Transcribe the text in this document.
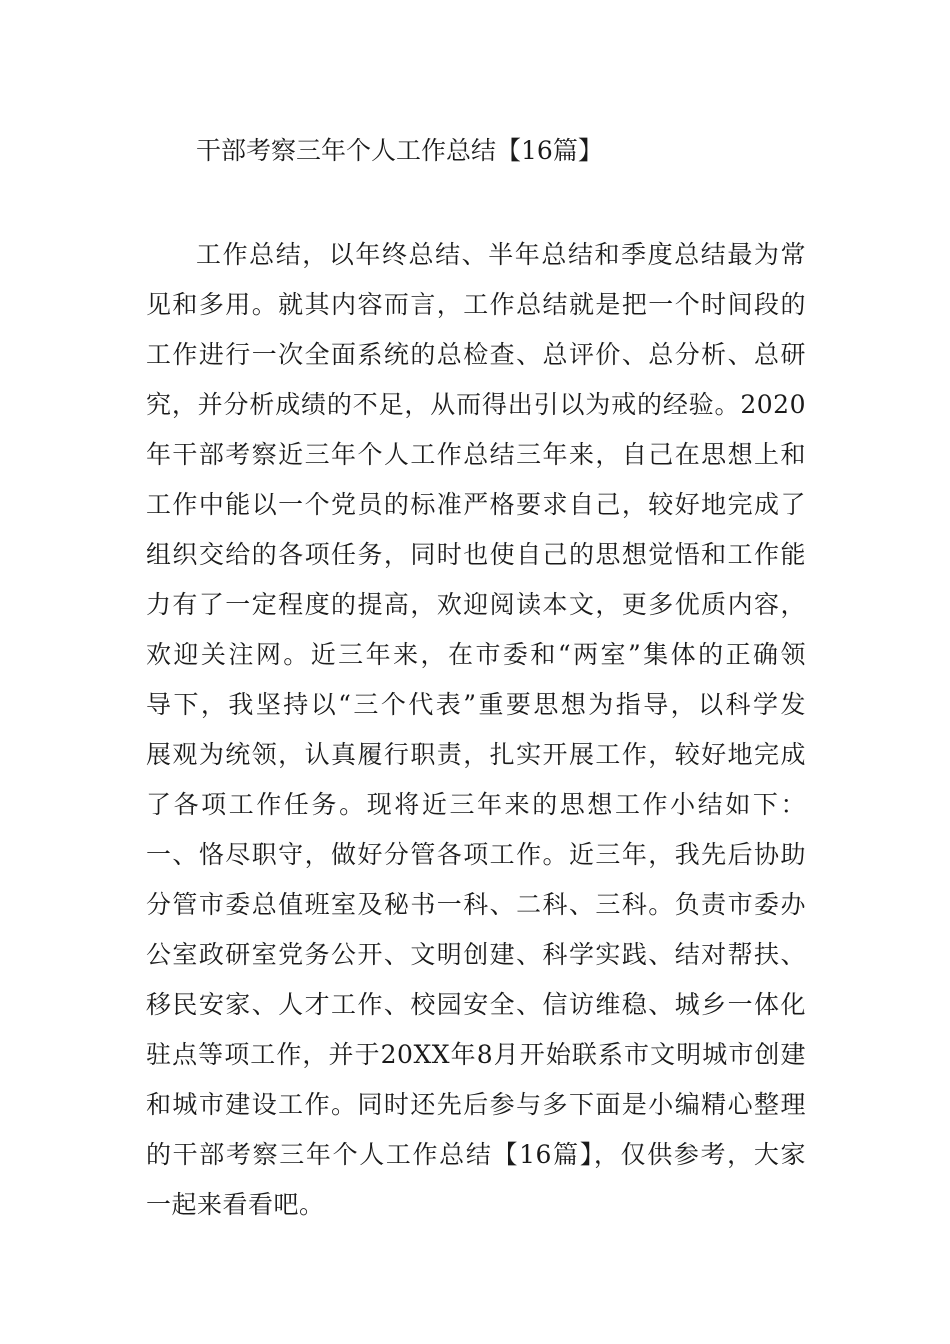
干部考察三年个人工作总结【16篇】
工作总结，以年终总结、半年总结和季度总结最为常
见和多用。就其内容而言，工作总结就是把一个时间段的
工作进行一次全面系统的总检查、总评价、总分析、总研
究，并分析成绩的不足，从而得出引以为戒的经验。2020
年干部考察近三年个人工作总结三年来，自己在思想上和
工作中能以一个党员的标准严格要求自己，较好地完成了
组织交给的各项任务，同时也使自己的思想觉悟和工作能
力有了一定程度的提高，欢迎阅读本文，更多优质内容，
欢迎关注网。近三年来，在市委和“两室”集体的正确领
导下，我坚持以“三个代表”重要思想为指导，以科学发
展观为统领，认真履行职责，扎实开展工作，较好地完成
了各项工作任务。现将近三年来的思想工作小结如下：
一、恪尽职守，做好分管各项工作。近三年，我先后协助
分管市委总值班室及秘书一科、二科、三科。负责市委办
公室政研室党务公开、文明创建、科学实践、结对帮扶、
移民安家、人才工作、校园安全、信访维稳、城乡一体化
驻点等项工作，并于20XX年8月开始联系市文明城市创建
和城市建设工作。同时还先后参与多下面是小编精心整理
的干部考察三年个人工作总结【16篇】，仅供参考，大家
一起来看看吧。
